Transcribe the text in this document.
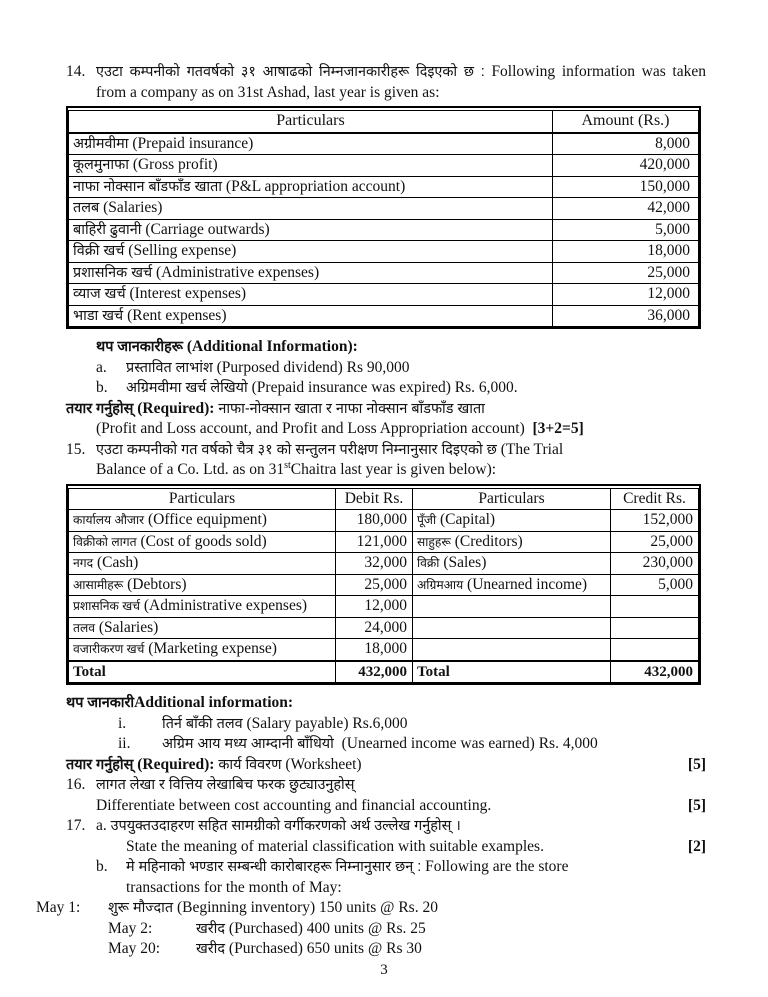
14. एउटा कम्पनीको गतवर्षको ३१ आषाढको निम्नजानकारीहरू दिइएको छ : Following information was taken from a company as on 31st Ashad, last year is given as:
Particulars	Amount (Rs.)
अग्रीमवीमा (Prepaid insurance)	8,000
कूलमुनाफा (Gross profit)	420,000
नाफा नोक्सान बाँडफाँड खाता (P&L appropriation account)	150,000
तलब (Salaries)	42,000
बाहिरी ढुवानी (Carriage outwards)	5,000
विक्री खर्च (Selling expense)	18,000
प्रशासनिक खर्च (Administrative expenses)	25,000
व्याज खर्च (Interest expenses)	12,000
भाडा खर्च (Rent expenses)	36,000
थप जानकारीहरू (Additional Information):
a.	प्रस्तावित लाभांश (Purposed dividend) Rs 90,000
b.	अग्रिमवीमा खर्च लेखियो (Prepaid insurance was expired) Rs. 6,000.
तयार गर्नुहोस् (Required): नाफा-नोक्सान खाता र नाफा नोक्सान बाँडफाँड खाता
(Profit and Loss account, and Profit and Loss Appropriation account) [3+2=5]
15. एउटा कम्पनीको गत वर्षको चैत्र ३१ को सन्तुलन परीक्षण निम्नानुसार दिइएको छ (The Trial
Balance of a Co. Ltd. as on 31stChaitra last year is given below):
Particulars	Debit Rs.	Particulars	Credit Rs.
कार्यालय औजार (Office equipment)	180,000	पूँजी (Capital)	152,000
विक्रीको लागत (Cost of goods sold)	121,000	साहुहरू (Creditors)	25,000
नगद (Cash)	32,000	विक्री (Sales)	230,000
आसामीहरू (Debtors)	25,000	अग्रिमआय (Unearned income)	5,000
प्रशासनिक खर्च (Administrative expenses)	12,000		
तलव (Salaries)	24,000		
वजारीकरण खर्च (Marketing expense)	18,000		
Total	432,000	Total	432,000
थप जानकारीAdditional information:
i.	तिर्न बाँकी तलव (Salary payable) Rs.6,000
ii.	अग्रिम आय मध्य आम्दानी बाँधियो (Unearned income was earned) Rs. 4,000
तयार गर्नुहोस् (Required): कार्य विवरण (Worksheet)	[5]
16. लागत लेखा र वित्तिय लेखाबिच फरक छुट्याउनुहोस्
Differentiate between cost accounting and financial accounting.	[5]
17. a. उपयुक्तउदाहरण सहित सामग्रीको वर्गीकरणको अर्थ उल्लेख गर्नुहोस् ।
State the meaning of material classification with suitable examples.	[2]
b.	मे महिनाको भण्डार सम्बन्धी कारोबारहरू निम्नानुसार छन् : Following are the store
transactions for the month of May:
May 1:	शुरू मौज्दात (Beginning inventory) 150 units @ Rs. 20
May 2:	खरीद (Purchased) 400 units @ Rs. 25
May 20:	खरीद (Purchased) 650 units @ Rs 30
3
